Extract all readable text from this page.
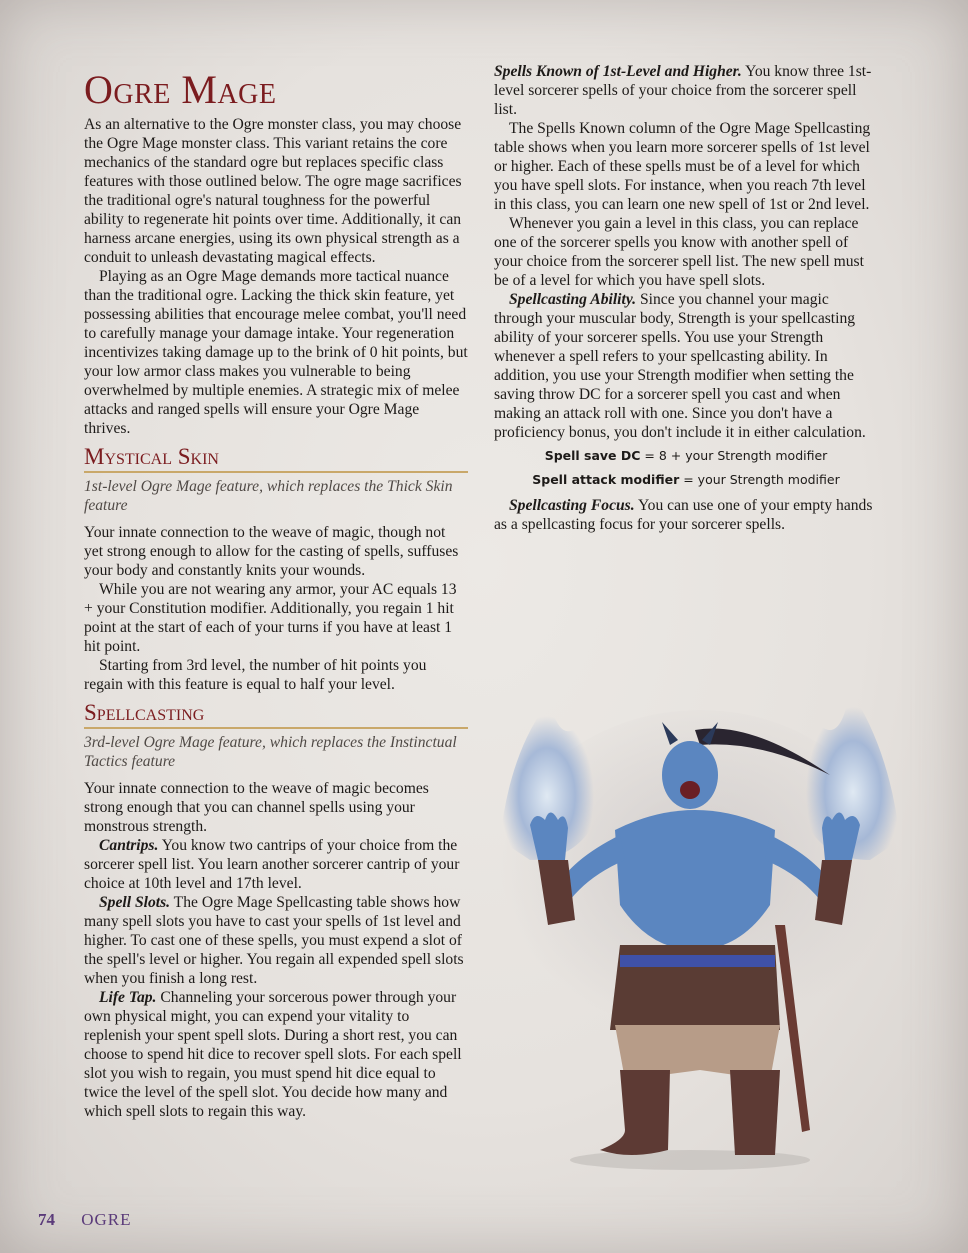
Ogre Mage

As an alternative to the Ogre monster class, you may choose the Ogre Mage monster class. This variant retains the core mechanics of the standard ogre but replaces specific class features with those outlined below. The ogre mage sacrifices the traditional ogre's natural toughness for the powerful ability to regenerate hit points over time. Additionally, it can harness arcane energies, using its own physical strength as a conduit to unleash devastating magical effects.

Playing as an Ogre Mage demands more tactical nuance than the traditional ogre. Lacking the thick skin feature, yet possessing abilities that encourage melee combat, you'll need to carefully manage your damage intake. Your regeneration incentivizes taking damage up to the brink of 0 hit points, but your low armor class makes you vulnerable to being overwhelmed by multiple enemies. A strategic mix of melee attacks and ranged spells will ensure your Ogre Mage thrives.

Mystical Skin
1st-level Ogre Mage feature, which replaces the Thick Skin feature

Your innate connection to the weave of magic, though not yet strong enough to allow for the casting of spells, suffuses your body and constantly knits your wounds.

While you are not wearing any armor, your AC equals 13 + your Constitution modifier. Additionally, you regain 1 hit point at the start of each of your turns if you have at least 1 hit point.

Starting from 3rd level, the number of hit points you regain with this feature is equal to half your level.

Spellcasting
3rd-level Ogre Mage feature, which replaces the Instinctual Tactics feature

Your innate connection to the weave of magic becomes strong enough that you can channel spells using your monstrous strength.

Cantrips. You know two cantrips of your choice from the sorcerer spell list. You learn another sorcerer cantrip of your choice at 10th level and 17th level.

Spell Slots. The Ogre Mage Spellcasting table shows how many spell slots you have to cast your spells of 1st level and higher. To cast one of these spells, you must expend a slot of the spell's level or higher. You regain all expended spell slots when you finish a long rest.

Life Tap. Channeling your sorcerous power through your own physical might, you can expend your vitality to replenish your spent spell slots. During a short rest, you can choose to spend hit dice to recover spell slots. For each spell slot you wish to regain, you must spend hit dice equal to twice the level of the spell slot. You decide how many and which spell slots to regain this way.

Spells Known of 1st-Level and Higher. You know three 1st-level sorcerer spells of your choice from the sorcerer spell list.

The Spells Known column of the Ogre Mage Spellcasting table shows when you learn more sorcerer spells of 1st level or higher. Each of these spells must be of a level for which you have spell slots. For instance, when you reach 7th level in this class, you can learn one new spell of 1st or 2nd level.

Whenever you gain a level in this class, you can replace one of the sorcerer spells you know with another spell of your choice from the sorcerer spell list. The new spell must be of a level for which you have spell slots.

Spellcasting Ability. Since you channel your magic through your muscular body, Strength is your spellcasting ability of your sorcerer spells. You use your Strength whenever a spell refers to your spellcasting ability. In addition, you use your Strength modifier when setting the saving throw DC for a sorcerer spell you cast and when making an attack roll with one. Since you don't have a proficiency bonus, you don't include it in either calculation.

Spell save DC = 8 + your Strength modifier
Spell attack modifier = your Strength modifier

Spellcasting Focus. You can use one of your empty hands as a spellcasting focus for your sorcerer spells.

74 OGRE
